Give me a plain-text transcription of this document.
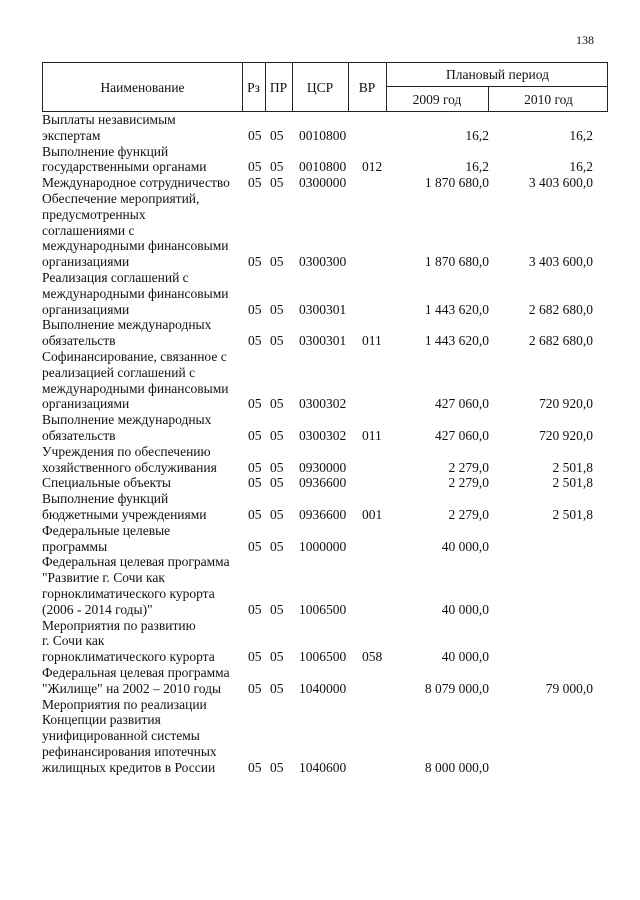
138
Наименование	Рз ПР	ЦСР	ВР
Плановый период
2009 год	2010 год
Выплаты независимым
экспертам	05 05 0010800	16,2	16,2
Выполнение функций
государственными органами	05 05 0010800 012	16,2	16,2
Международное сотрудничество	05 05 0300000	1 870 680,0	3 403 600,0
Обеспечение мероприятий,
предусмотренных
соглашениями с
международными финансовыми
организациями	05 05 0300300	1 870 680,0	3 403 600,0
Реализация соглашений с
международными финансовыми
организациями	05 05 0300301	1 443 620,0	2 682 680,0
Выполнение международных
обязательств	05 05 0300301 011	1 443 620,0	2 682 680,0
Софинансирование, связанное с
реализацией соглашений с
международными финансовыми
организациями	05 05 0300302	427 060,0	720 920,0
Выполнение международных
обязательств	05 05 0300302 011	427 060,0	720 920,0
Учреждения по обеспечению
хозяйственного обслуживания	05 05 0930000	2 279,0	2 501,8
Специальные объекты	05 05 0936600	2 279,0	2 501,8
Выполнение функций
бюджетными учреждениями	05 05 0936600 001	2 279,0	2 501,8
Федеральные целевые
программы	05 05 1000000	40 000,0
Федеральная целевая программа
"Развитие г. Сочи как
горноклиматического курорта
(2006 - 2014 годы)"	05 05 1006500	40 000,0
Мероприятия по развитию
г. Сочи как
горноклиматического курорта	05 05 1006500 058	40 000,0
Федеральная целевая программа
"Жилище" на 2002 – 2010 годы	05 05 1040000	8 079 000,0	79 000,0
Мероприятия по реализации
Концепции развития
унифицированной системы
рефинансирования ипотечных
жилищных кредитов в России	05 05 1040600	8 000 000,0
